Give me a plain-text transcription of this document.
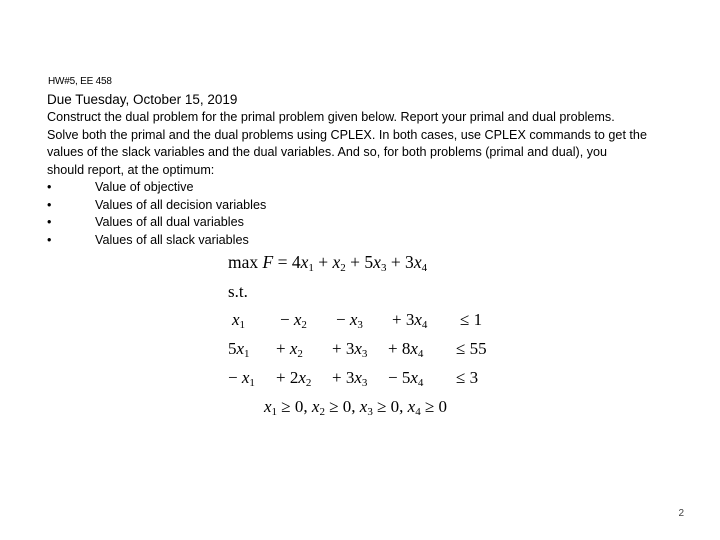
HW#5, EE 458
Due Tuesday, October 15, 2019
Construct the dual problem for the primal problem given below. Report your primal and dual problems.
Solve both the primal and the dual problems using CPLEX. In both cases, use CPLEX commands to get the
values of the slack variables and the dual variables. And so, for both problems (primal and dual), you
should report, at the optimum:
•	Value of objective
•	Values of all decision variables
•	Values of all dual variables
•	Values of all slack variables
$\max F = 4x_1 + x_2 + 5x_3 + 3x_4$
s.t.
$x_1 - x_2 - x_3 + 3x_4 \le 1$
$5x_1 + x_2 + 3x_3 + 8x_4 \le 55$
− $x_1 + 2x_2 + 3x_3 - 5x_4 \le 3$
$x_1 \ge 0$, $x_2 \ge 0$, $x_3 \ge 0$, $x_4 \ge 0$
2
